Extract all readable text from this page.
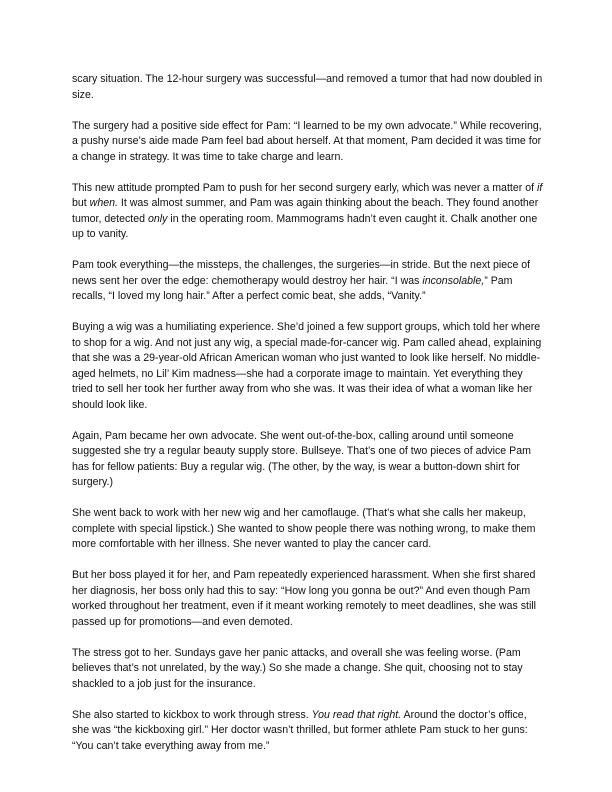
scary situation. The 12-hour surgery was successful—and removed a tumor that had now doubled in size.

The surgery had a positive side effect for Pam: “I learned to be my own advocate.” While recovering, a pushy nurse’s aide made Pam feel bad about herself. At that moment, Pam decided it was time for a change in strategy. It was time to take charge and learn.

This new attitude prompted Pam to push for her second surgery early, which was never a matter of if but when. It was almost summer, and Pam was again thinking about the beach. They found another tumor, detected only in the operating room. Mammograms hadn’t even caught it. Chalk another one up to vanity.

Pam took everything—the missteps, the challenges, the surgeries—in stride. But the next piece of news sent her over the edge: chemotherapy would destroy her hair. “I was inconsolable,” Pam recalls, “I loved my long hair.” After a perfect comic beat, she adds, “Vanity.”

Buying a wig was a humiliating experience. She’d joined a few support groups, which told her where to shop for a wig. And not just any wig, a special made-for-cancer wig. Pam called ahead, explaining that she was a 29-year-old African American woman who just wanted to look like herself. No middle-aged helmets, no Lil’ Kim madness—she had a corporate image to maintain. Yet everything they tried to sell her took her further away from who she was. It was their idea of what a woman like her should look like.

Again, Pam became her own advocate. She went out-of-the-box, calling around until someone suggested she try a regular beauty supply store. Bullseye. That’s one of two pieces of advice Pam has for fellow patients: Buy a regular wig. (The other, by the way, is wear a button-down shirt for surgery.)

She went back to work with her new wig and her camoflauge. (That’s what she calls her makeup, complete with special lipstick.) She wanted to show people there was nothing wrong, to make them more comfortable with her illness. She never wanted to play the cancer card.

But her boss played it for her, and Pam repeatedly experienced harassment. When she first shared her diagnosis, her boss only had this to say: “How long you gonna be out?” And even though Pam worked throughout her treatment, even if it meant working remotely to meet deadlines, she was still passed up for promotions—and even demoted.

The stress got to her. Sundays gave her panic attacks, and overall she was feeling worse. (Pam believes that’s not unrelated, by the way.) So she made a change. She quit, choosing not to stay shackled to a job just for the insurance.

She also started to kickbox to work through stress. You read that right. Around the doctor’s office, she was “the kickboxing girl.” Her doctor wasn’t thrilled, but former athlete Pam stuck to her guns: “You can’t take everything away from me.”
